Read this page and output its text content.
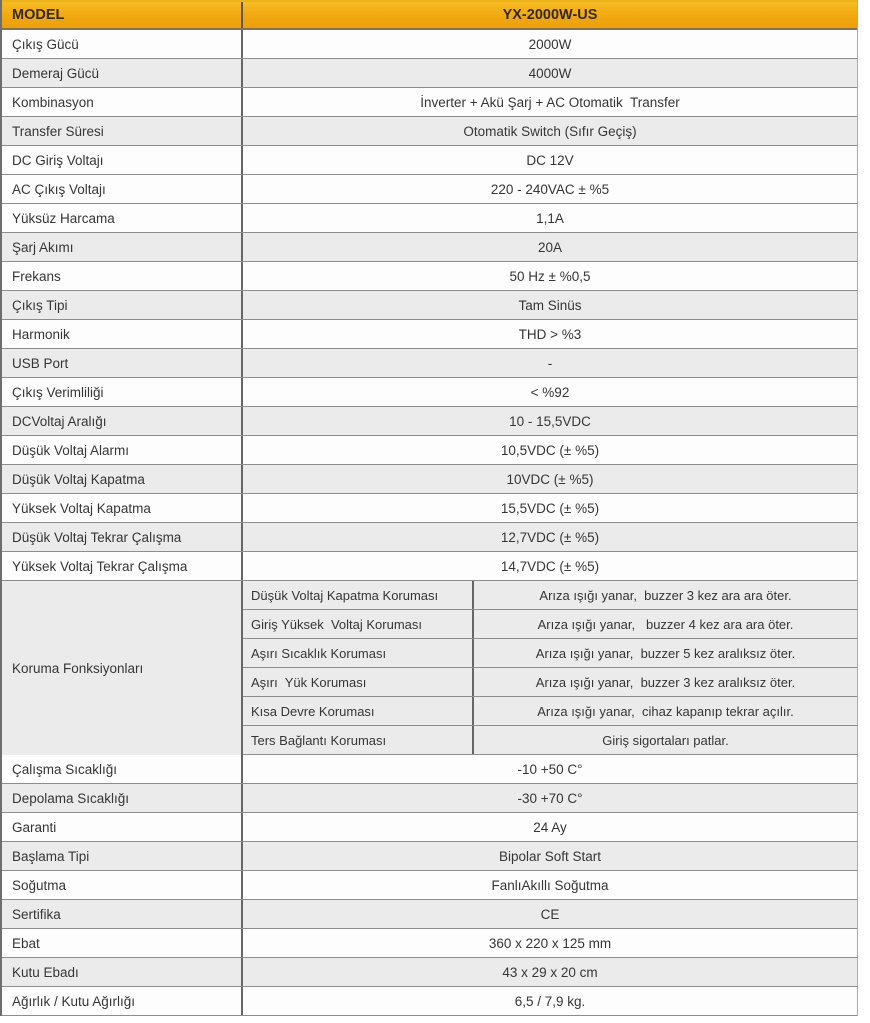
MODEL	YX-2000W-US
Çıkış Gücü	2000W
Demeraj Gücü	4000W
Kombinasyon	İnverter + Akü Şarj + AC Otomatik  Transfer
Transfer Süresi	Otomatik Switch (Sıfır Geçiş)
DC Giriş Voltajı	DC 12V
AC Çıkış Voltajı	220 - 240VAC ± %5
Yüksüz Harcama	1,1A
Şarj Akımı	20A
Frekans	50 Hz ± %0,5
Çıkış Tipi	Tam Sinüs
Harmonik	THD > %3
USB Port	-
Çıkış Verimliliği	< %92
DCVoltaj Aralığı	10 - 15,5VDC
Düşük Voltaj Alarmı	10,5VDC (± %5)
Düşük Voltaj Kapatma	10VDC (± %5)
Yüksek Voltaj Kapatma	15,5VDC (± %5)
Düşük Voltaj Tekrar Çalışma	12,7VDC (± %5)
Yüksek Voltaj Tekrar Çalışma	14,7VDC (± %5)
Koruma Fonksiyonları
Düşük Voltaj Kapatma Koruması	Arıza ışığı yanar,  buzzer 3 kez ara ara öter.
Giriş Yüksek  Voltaj Koruması	Arıza ışığı yanar,   buzzer 4 kez ara ara öter.
Aşırı Sıcaklık Koruması	Arıza ışığı yanar,  buzzer 5 kez aralıksız öter.
Aşırı  Yük Koruması	Arıza ışığı yanar,  buzzer 3 kez aralıksız öter.
Kısa Devre Koruması	Arıza ışığı yanar,  cihaz kapanıp tekrar açılır.
Ters Bağlantı Koruması	Giriş sigortaları patlar.
Çalışma Sıcaklığı	-10 +50 C°
Depolama Sıcaklığı	-30 +70 C°
Garanti	24 Ay
Başlama Tipi	Bipolar Soft Start
Soğutma	FanlıAkıllı Soğutma
Sertifika	CE
Ebat	360 x 220 x 125 mm
Kutu Ebadı	43 x 29 x 20 cm
Ağırlık / Kutu Ağırlığı	6,5 / 7,9 kg.
